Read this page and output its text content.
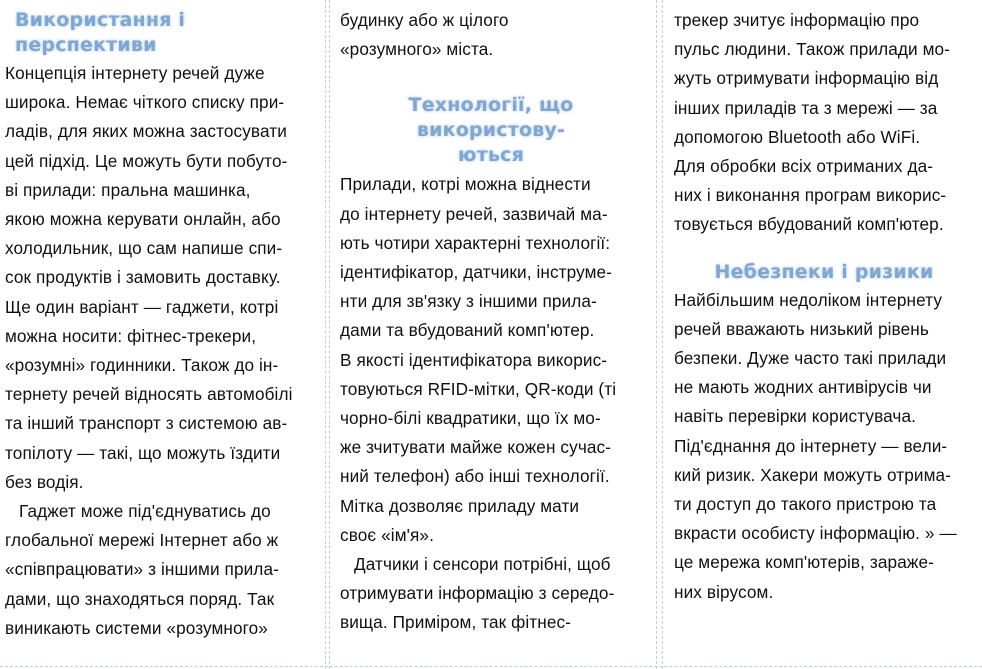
Використання і перспективи

Концепція інтернету речей дуже
широка. Немає чіткого списку при-
ладів, для яких можна застосувати
цей підхід. Це можуть бути побуто-
ві прилади: пральна машинка,
якою можна керувати онлайн, або
холодильник, що сам напише спи-
сок продуктів і замовить доставку.
Ще один варіант — гаджети, котрі
можна носити: фітнес-трекери,
«розумні» годинники. Також до ін-
тернету речей відносять автомобілі
та інший транспорт з системою ав-
топілоту — такі, що можуть їздити
без водія.

Гаджет може під'єднуватись до
глобальної мережі Інтернет або ж
«співпрацювати» з іншими прила-
дами, що знаходяться поряд. Так
виникають системи «розумного»

будинку або ж цілого
«розумного» міста.

Технології, що використову-
ються

Прилади, котрі можна віднести
до інтернету речей, зазвичай ма-
ють чотири характерні технології:
ідентифікатор, датчики, інструме-
нти для зв'язку з іншими прила-
дами та вбудований комп'ютер.
В якості ідентифікатора викорис-
товуються RFID-мітки, QR-коди (ті
чорно-білі квадратики, що їх мо-
же зчитувати майже кожен сучас-
ний телефон) або інші технології.
Мітка дозволяє приладу мати
своє «ім'я».

Датчики і сенсори потрібні, щоб
отримувати інформацію з середо-
вища. Приміром, так фітнес-

трекер зчитує інформацію про
пульс людини. Також прилади мо-
жуть отримувати інформацію від
інших приладів та з мережі — за
допомогою Bluetooth або WiFi.
Для обробки всіх отриманих да-
них і виконання програм викорис-
товується вбудований комп'ютер.

Небезпеки і ризики

Найбільшим недоліком інтернету
речей вважають низький рівень
безпеки. Дуже часто такі прилади
не мають жодних антивірусів чи
навіть перевірки користувача.
Під'єднання до інтернету — вели-
кий ризик. Хакери можуть отрима-
ти доступ до такого пристрою та
вкрасти особисту інформацію. » —
це мережа комп'ютерів, зараже-
них вірусом.
